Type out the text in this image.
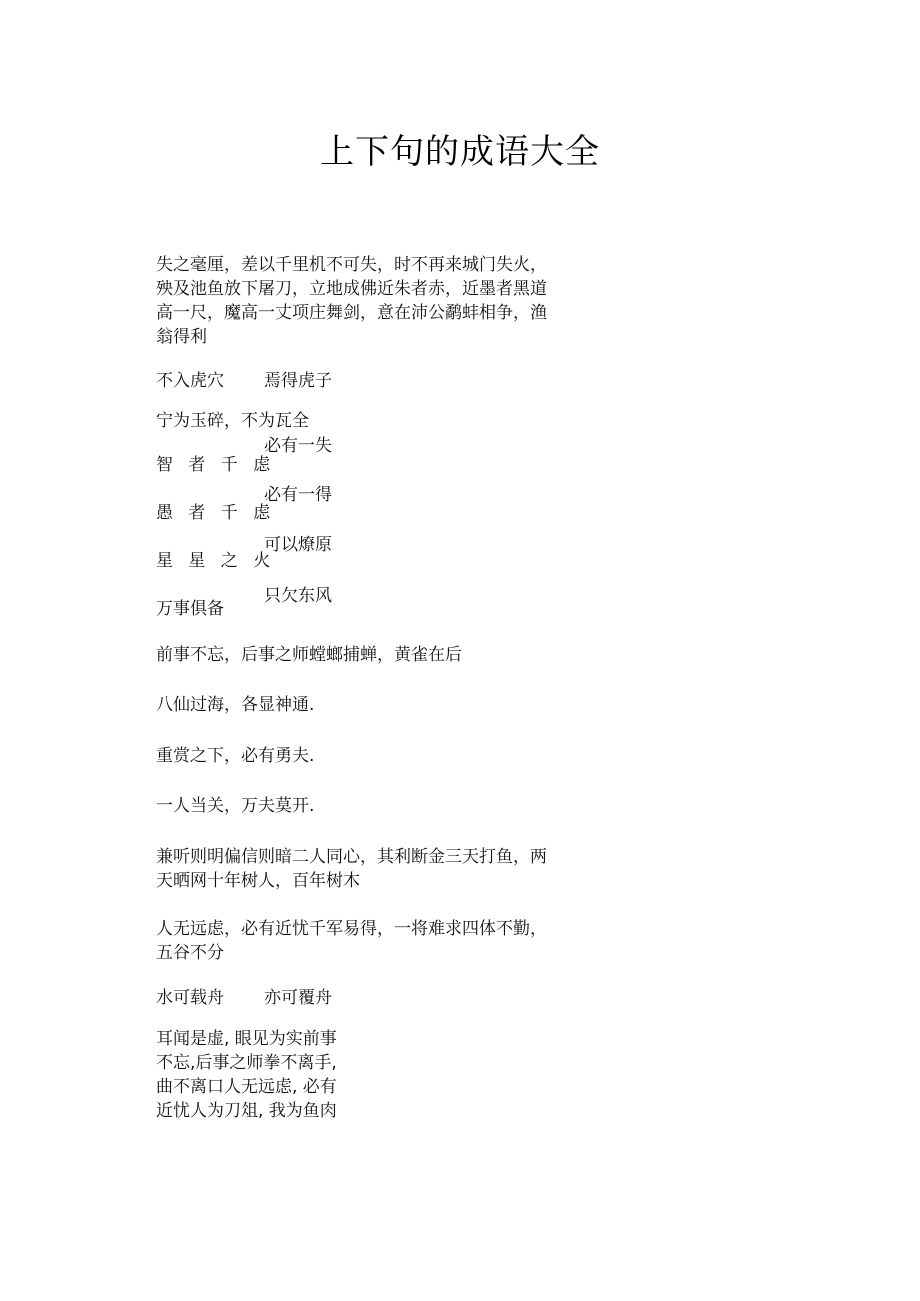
上下句的成语大全
失之毫厘，差以千里机不可失，时不再来城门失火，
殃及池鱼放下屠刀，立地成佛近朱者赤，近墨者黑道
高一尺，魔高一丈项庄舞剑，意在沛公鹬蚌相争，渔
翁得利
不入虎穴 焉得虎子
宁为玉碎，不为瓦全
必有一失
智 者 千 虑
必有一得
愚 者 千 虑
可以燎原
星 星 之 火
只欠东风
万事俱备
前事不忘，后事之师螳螂捕蝉，黄雀在后
八仙过海，各显神通.
重赏之下，必有勇夫.
一人当关，万夫莫开.
兼听则明偏信则暗二人同心，其利断金三天打鱼，两
天晒网十年树人，百年树木
人无远虑，必有近忧千军易得，一将难求四体不勤，
五谷不分
水可载舟 亦可覆舟
耳闻是虚, 眼见为实前事
不忘,后事之师拳不离手,
曲不离口人无远虑, 必有
近忧人为刀俎, 我为鱼肉
